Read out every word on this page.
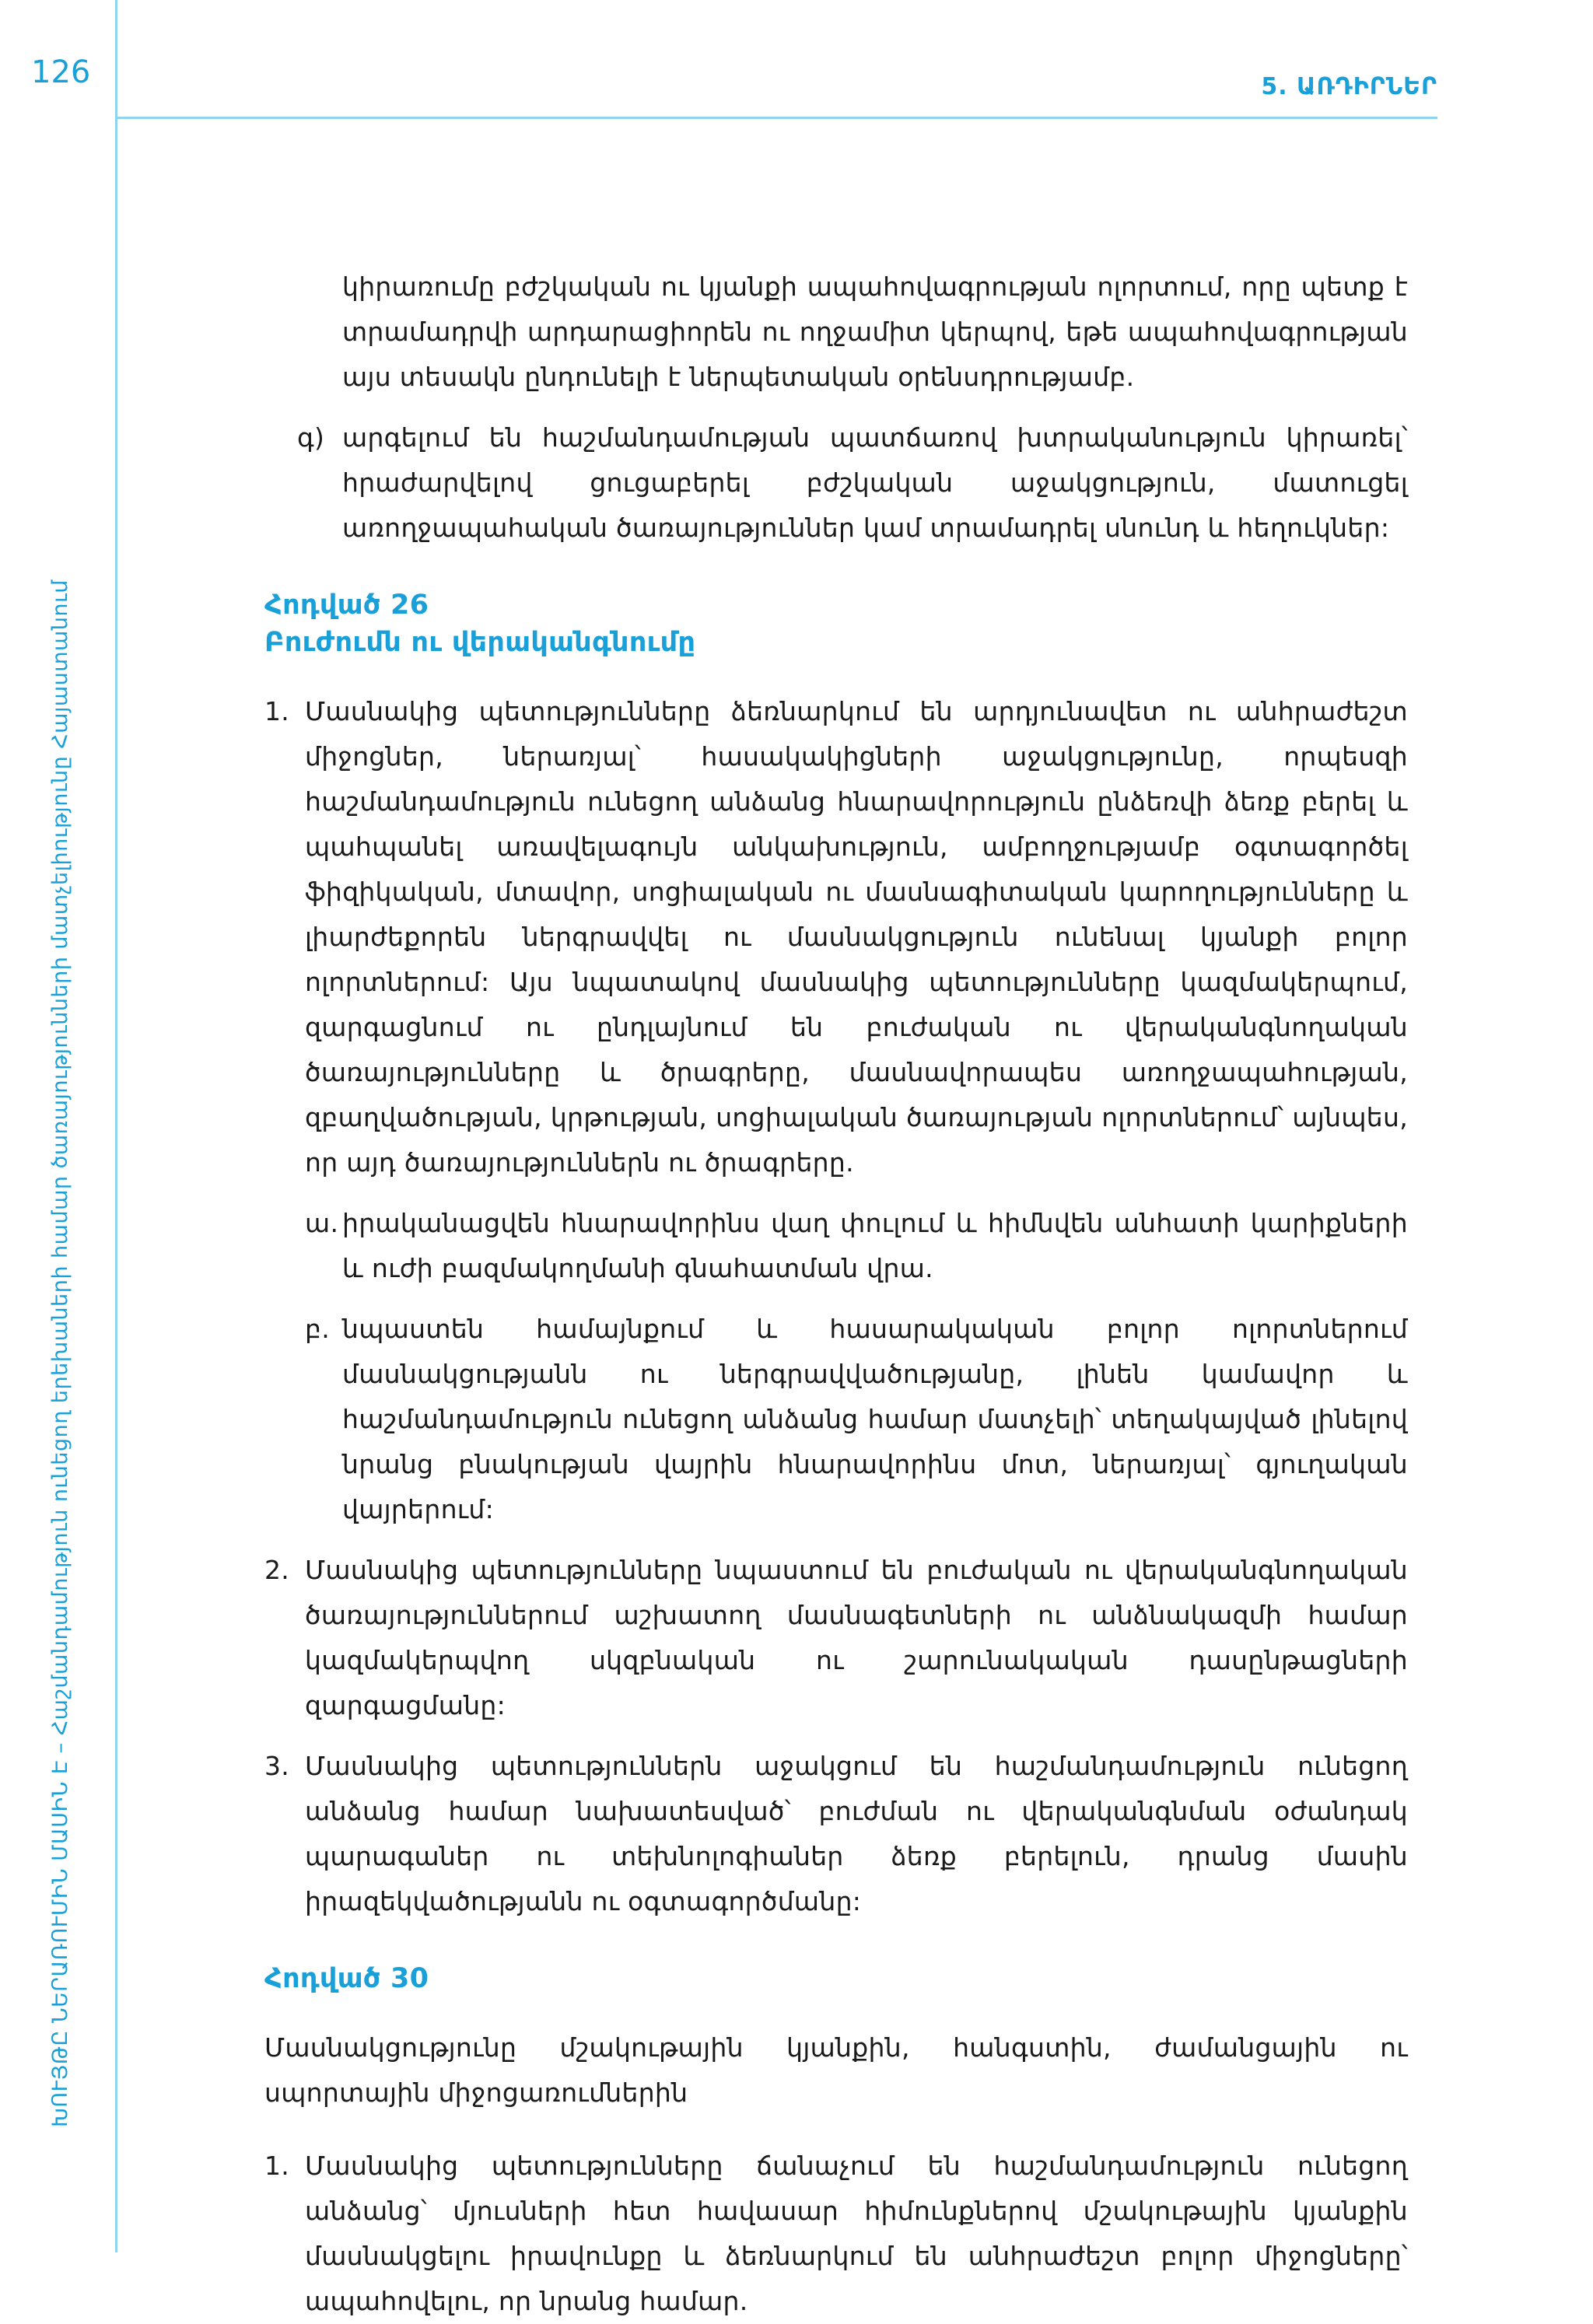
126	5. ԱՌԴԻՐՆԵՐ
ԽՈՒՅԹԸ ՆԵՐԱՌՈՒՄԻՆ ՄԱՍԻՆ Է – Հաշմանդամություն ունեցող երեխաների համար ծառայությունների մատչելիությունը Հայաստանում

կիրառումը բժշկական ու կյանքի ապահովագրության ոլորտում, որը պետք է տրամադրվի արդարացիորեն ու ողջամիտ կերպով, եթե ապահովագրության այս տեսակն ընդունելի է ներպետական օրենսդրությամբ.

գ) արգելում են հաշմանդամության պատճառով խտրականություն կիրառել՝ հրաժարվելով ցուցաբերել բժշկական աջակցություն, մատուցել առողջապահական ծառայություններ կամ տրամադրել սնունդ և հեղուկներ:
Հոդված 26
Բուժումն ու վերականգնումը
1. Մասնակից պետությունները ձեռնարկում են արդյունավետ ու անհրաժեշտ միջոցներ, ներառյալ՝ հասակակիցների աջակցությունը, որպեսզի հաշմանդամություն ունեցող անձանց հնարավորություն ընձեռվի ձեռք բերել և պահպանել առավելագույն անկախություն, ամբողջությամբ օգտագործել ֆիզիկական, մտավոր, սոցիալական ու մասնագիտական կարողությունները և լիարժեքորեն ներգրավվել ու մասնակցություն ունենալ կյանքի բոլոր ոլորտներում: Այս նպատակով մասնակից պետությունները կազմակերպում, զարգացնում ու ընդլայնում են բուժական ու վերականգնողական ծառայությունները և ծրագրերը, մասնավորապես առողջապահության, զբաղվածության, կրթության, սոցիալական ծառայության ոլորտներում՝ այնպես, որ այդ ծառայություններն ու ծրագրերը.
ա. իրականացվեն հնարավորինս վաղ փուլում և հիմնվեն անհատի կարիքների և ուժի բազմակողմանի գնահատման վրա.
բ. նպաստեն համայնքում և հասարակական բոլոր ոլորտներում մասնակցությանն ու ներգրավվածությանը, լինեն կամավոր և հաշմանդամություն ունեցող անձանց համար մատչելի՝ տեղակայված լինելով նրանց բնակության վայրին հնարավորինս մոտ, ներառյալ՝ գյուղական վայրերում:
2. Մասնակից պետությունները նպաստում են բուժական ու վերականգնողական ծառայություններում աշխատող մասնագետների ու անձնակազմի համար կազմակերպվող սկզբնական ու շարունակական դասընթացների զարգացմանը:
3. Մասնակից պետություններն աջակցում են հաշմանդամություն ունեցող անձանց համար նախատեսված՝ բուժման ու վերականգնման օժանդակ պարագաներ ու տեխնոլոգիաներ ձեռք բերելուն, դրանց մասին իրազեկվածությանն ու օգտագործմանը:
Հոդված 30

Մասնակցությունը մշակութային կյանքին, հանգստին, ժամանցային ու սպորտային միջոցառումներին

1. Մասնակից պետությունները ճանաչում են հաշմանդամություն ունեցող անձանց՝ մյուսների հետ հավասար հիմունքներով մշակութային կյանքին մասնակցելու իրավունքը և ձեռնարկում են անհրաժեշտ բոլոր միջոցները՝ ապահովելու, որ նրանց համար.
